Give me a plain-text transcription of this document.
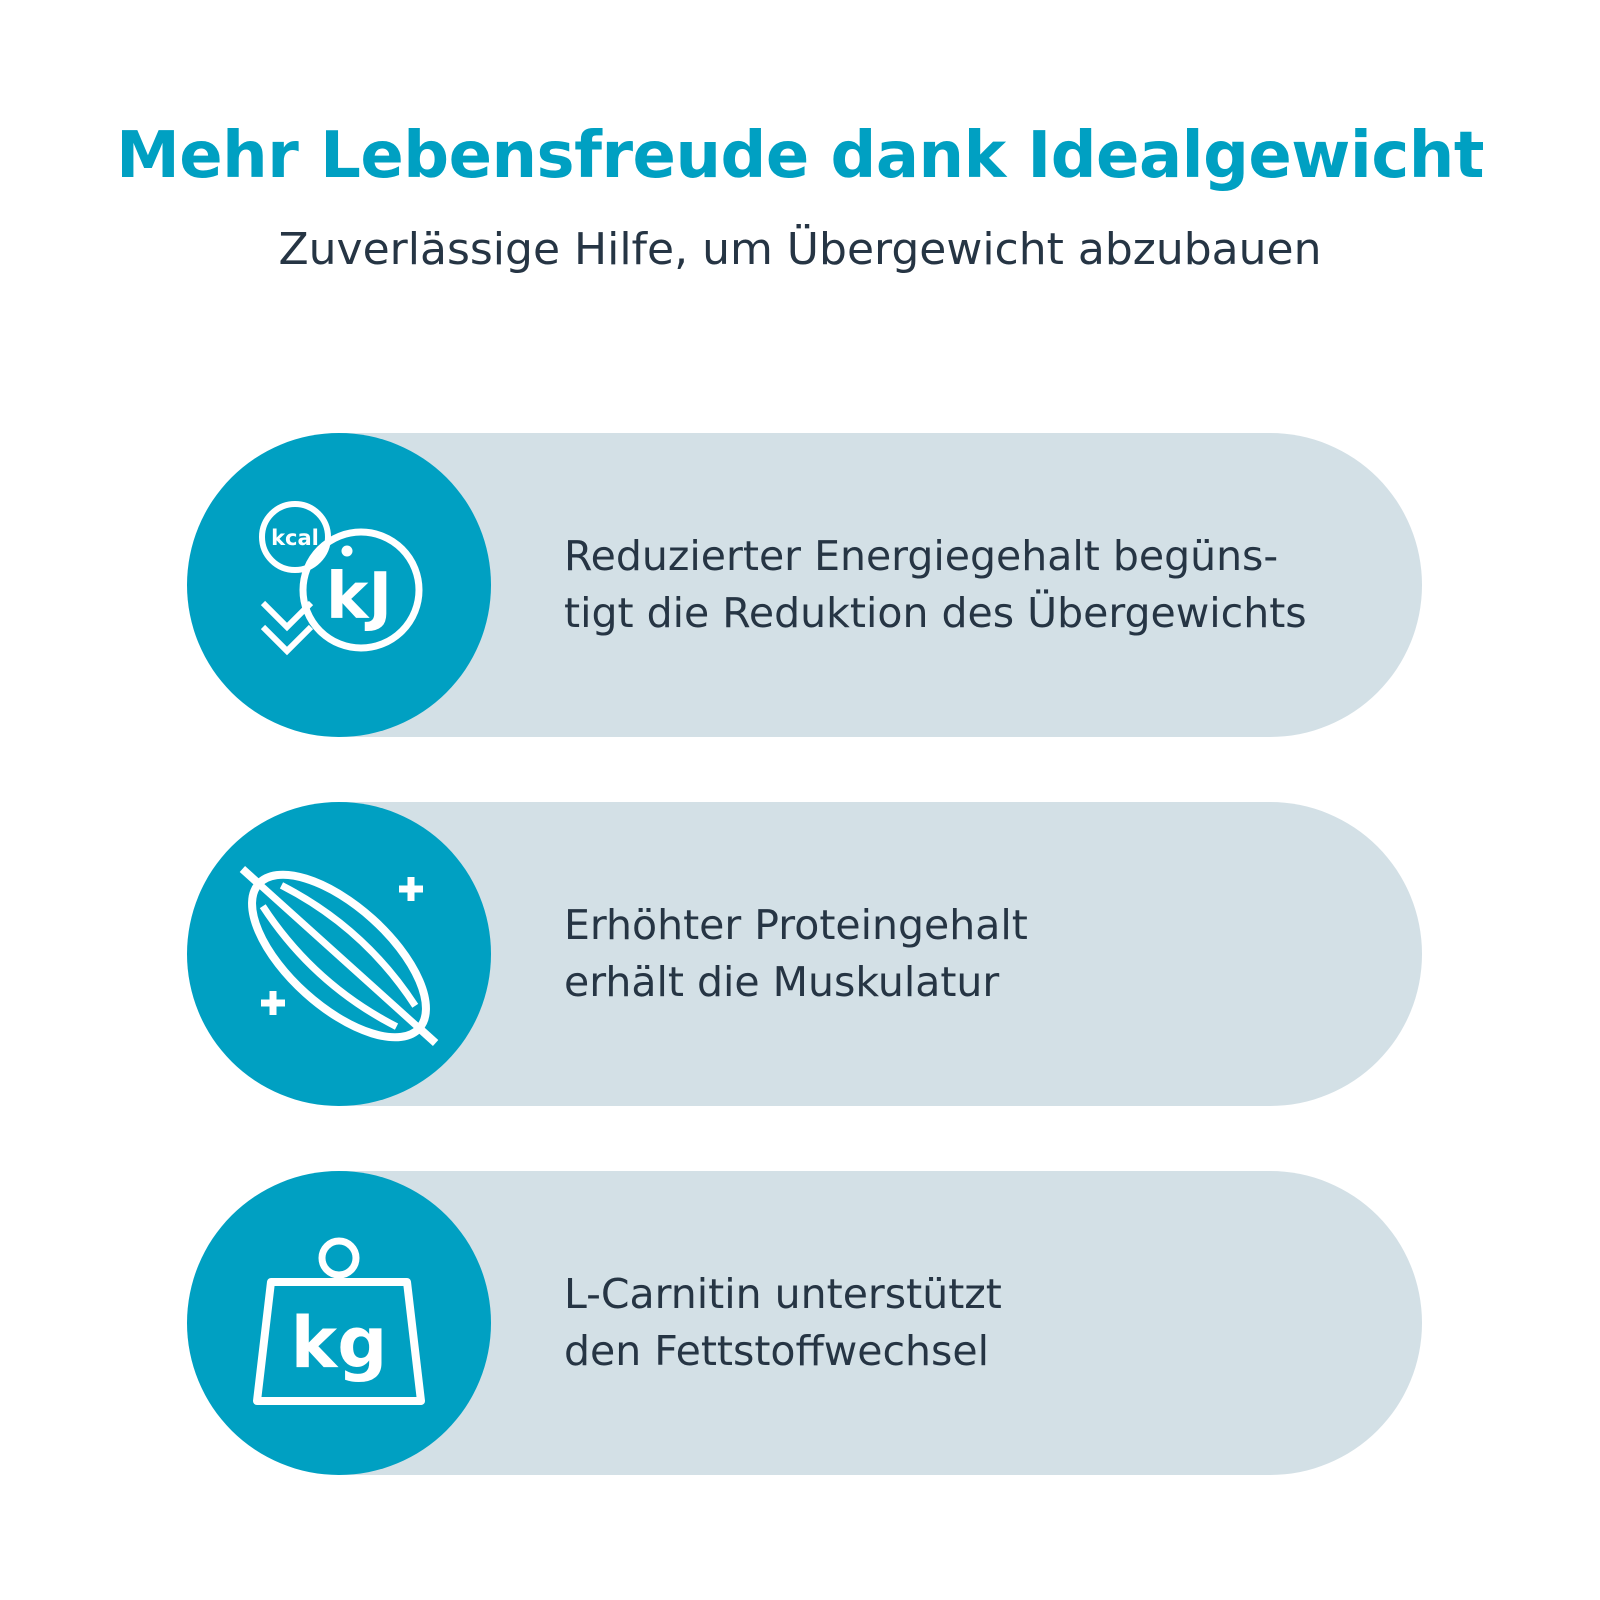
Mehr Lebensfreude dank Idealgewicht

Zuverlässige Hilfe, um Übergewicht abzubauen

kcal
kJ
Reduzierter Energiegehalt begüns-
tigt die Reduktion des Übergewichts
Erhöhter Proteingehalt
erhält die Muskulatur
kg
L-Carnitin unterstützt
den Fettstoffwechsel
